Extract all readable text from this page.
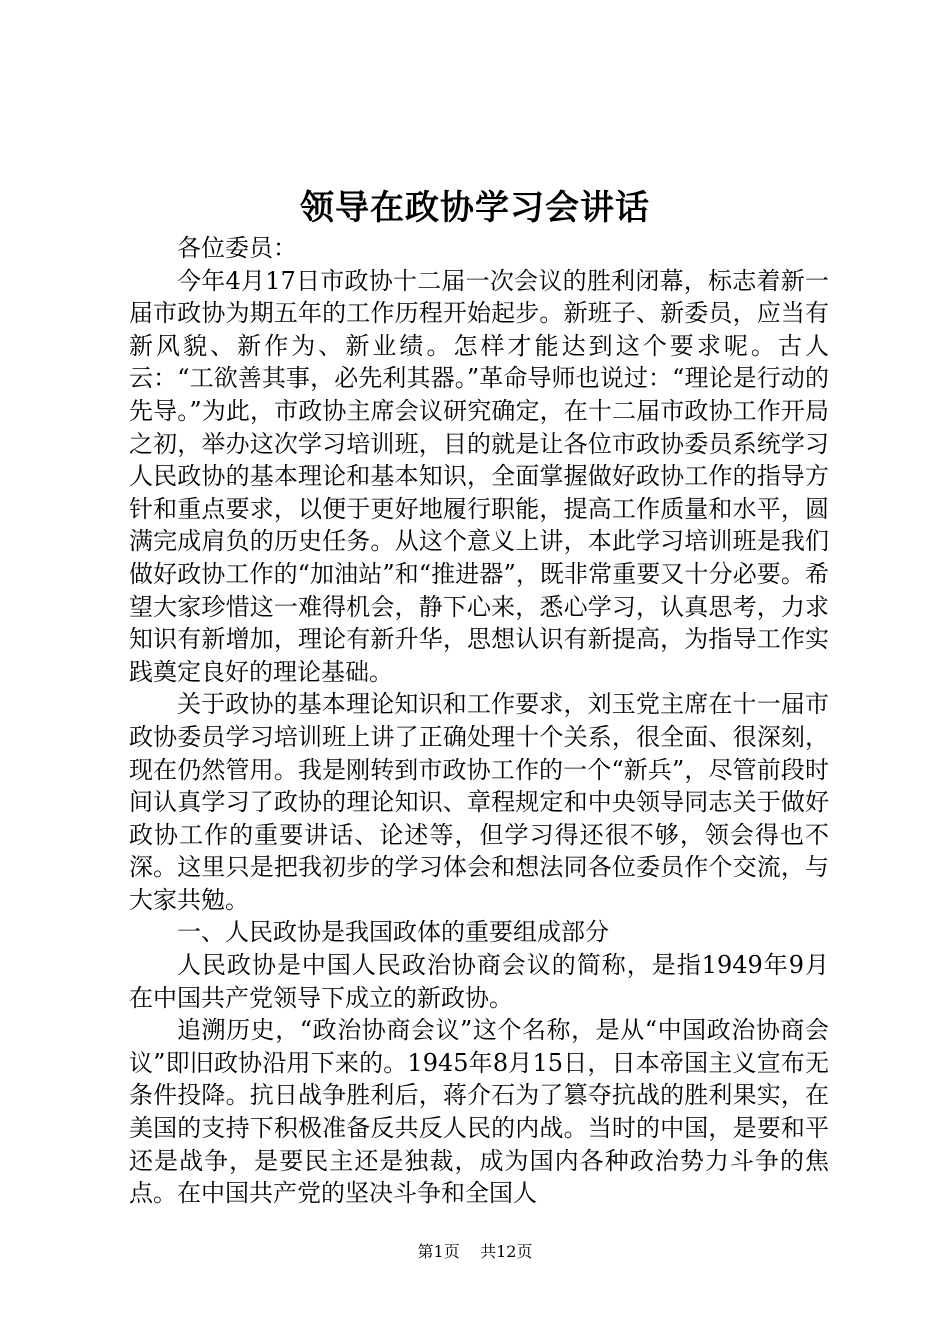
领导在政协学习会讲话

各位委员：

今年4月17日市政协十二届一次会议的胜利闭幕，标志着新一届市政协为期五年的工作历程开始起步。新班子、新委员，应当有新风貌、新作为、新业绩。怎样才能达到这个要求呢。古人云：“工欲善其事，必先利其器。”革命导师也说过：“理论是行动的先导。”为此，市政协主席会议研究确定，在十二届市政协工作开局之初，举办这次学习培训班，目的就是让各位市政协委员系统学习人民政协的基本理论和基本知识，全面掌握做好政协工作的指导方针和重点要求，以便于更好地履行职能，提高工作质量和水平，圆满完成肩负的历史任务。从这个意义上讲，本此学习培训班是我们做好政协工作的“加油站”和“推进器”，既非常重要又十分必要。希望大家珍惜这一难得机会，静下心来，悉心学习，认真思考，力求知识有新增加，理论有新升华，思想认识有新提高，为指导工作实践奠定良好的理论基础。

关于政协的基本理论知识和工作要求，刘玉党主席在十一届市政协委员学习培训班上讲了正确处理十个关系，很全面、很深刻，现在仍然管用。我是刚转到市政协工作的一个“新兵”，尽管前段时间认真学习了政协的理论知识、章程规定和中央领导同志关于做好政协工作的重要讲话、论述等，但学习得还很不够，领会得也不深。这里只是把我初步的学习体会和想法同各位委员作个交流，与大家共勉。

一、人民政协是我国政体的重要组成部分

人民政协是中国人民政治协商会议的简称，是指1949年9月在中国共产党领导下成立的新政协。

追溯历史，“政治协商会议”这个名称，是从“中国政治协商会议”即旧政协沿用下来的。1945年8月15日，日本帝国主义宣布无条件投降。抗日战争胜利后，蒋介石为了篡夺抗战的胜利果实，在美国的支持下积极准备反共反人民的内战。当时的中国，是要和平还是战争，是要民主还是独裁，成为国内各种政治势力斗争的焦点。在中国共产党的坚决斗争和全国人

第1页 共12页
